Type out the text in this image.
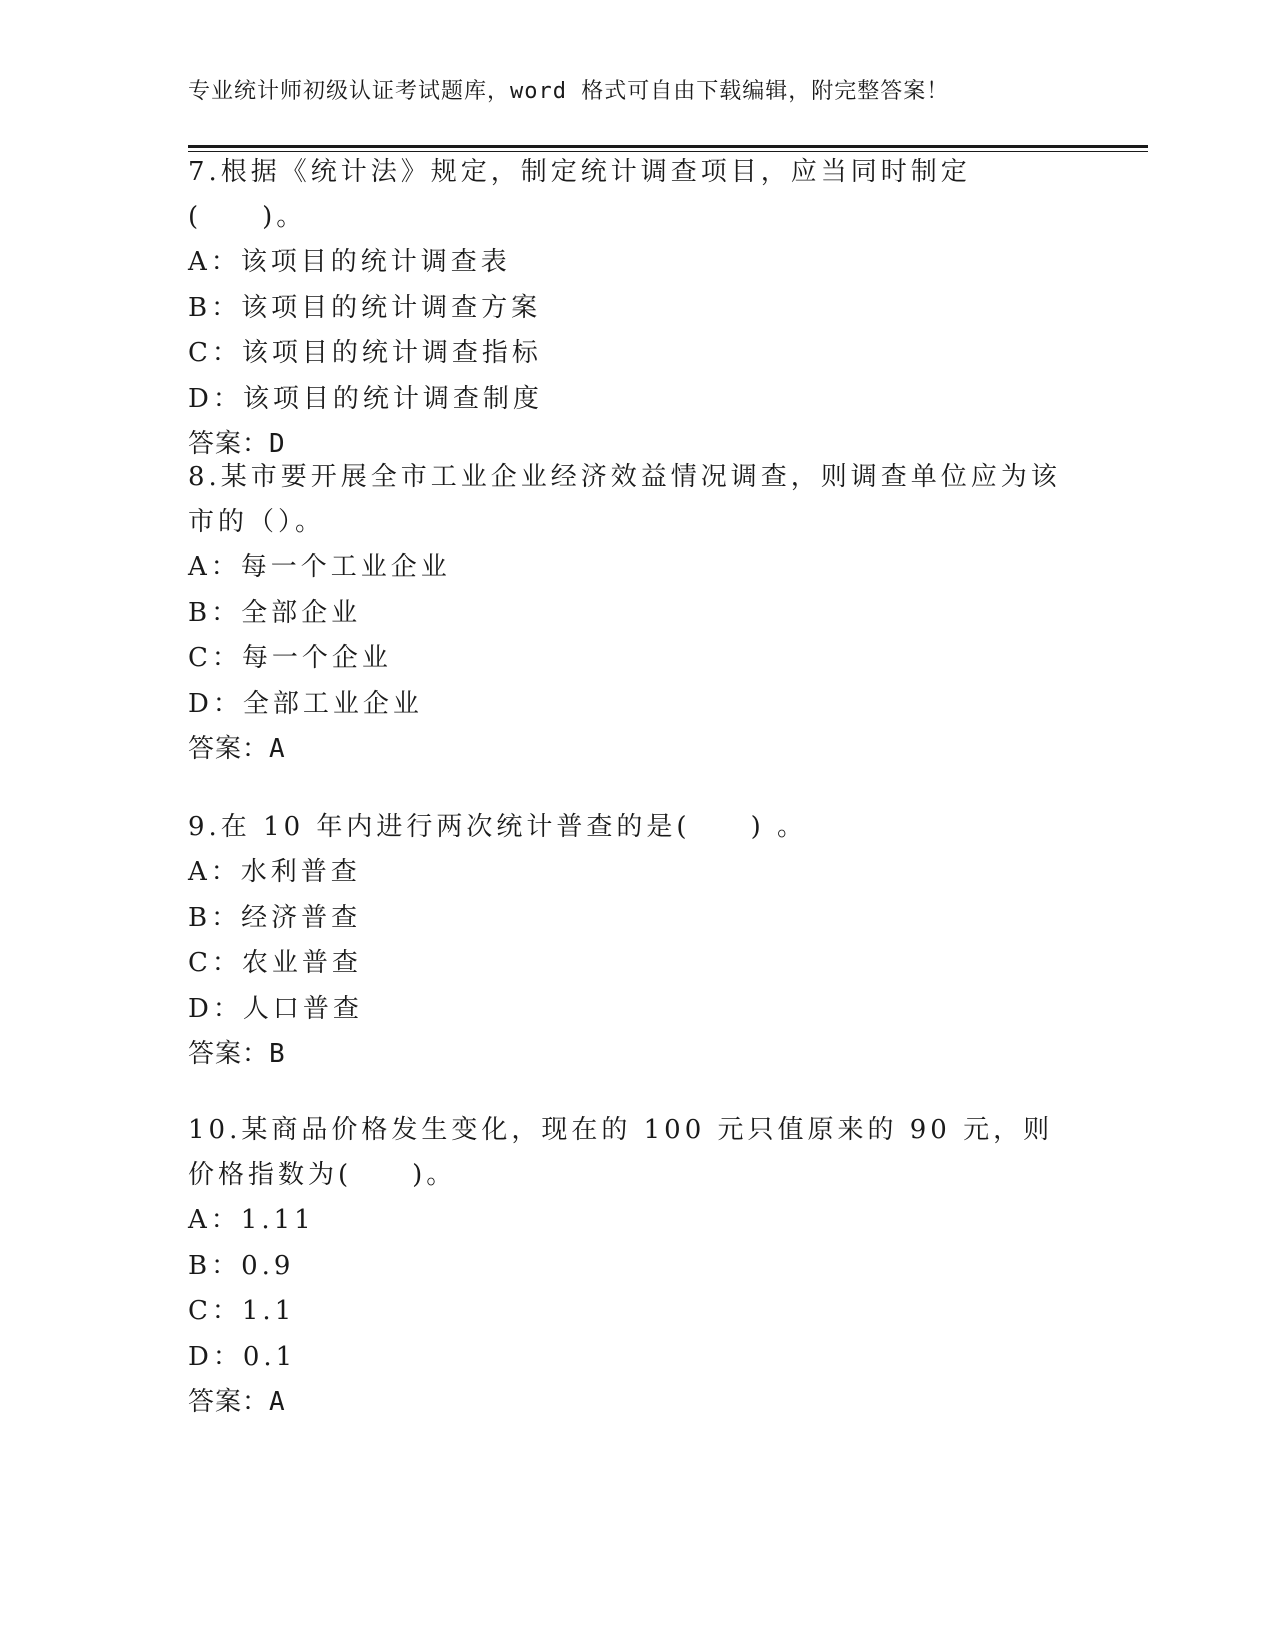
专业统计师初级认证考试题库，word 格式可自由下载编辑，附完整答案！
7.根据《统计法》规定，制定统计调查项目，应当同时制定(　　)。
A：该项目的统计调查表
B：该项目的统计调查方案
C：该项目的统计调查指标
D：该项目的统计调查制度
答案：D
8.某市要开展全市工业企业经济效益情况调查，则调查单位应为该市的（）。
A：每一个工业企业
B：全部企业
C：每一个企业
D：全部工业企业
答案：A
9.在 10 年内进行两次统计普查的是(　　) 。
A：水利普查
B：经济普查
C：农业普查
D：人口普查
答案：B
10.某商品价格发生变化，现在的 100 元只值原来的 90 元，则价格指数为(　　)。
A：1.11
B：0.9
C：1.1
D：0.1
答案：A
